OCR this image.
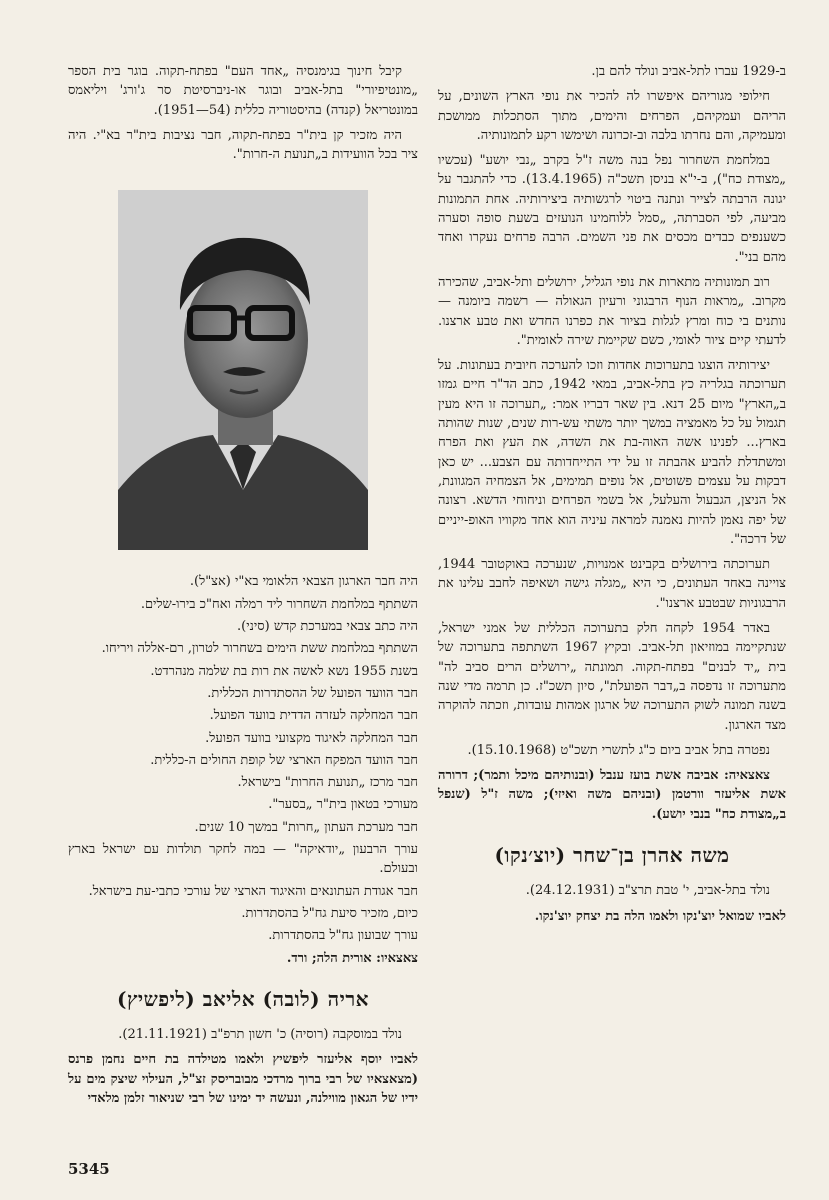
ב-1929 עברו לתל-אביב ונולד להם בן.

חילופי מגוריהם איפשרו לה להכיר את נופי הארץ השונים, על הריהם ועמקיהם, הפרחים והימים, מתוך הסתכלות ממושכת ומעמיקה, והם נחרתו בלבה וב-זכרונה ושימשו רקע לתמונותיה.

במלחמת השחרור נפל בנה משה ז"ל בקרב „נבי יושע" (עכשיו „מצודת כח"), ב-י"א בניסן תשכ"ה (13.4.1965). כדי להתגבר על יגונה הרבתה לצייר ונתנה ביטוי לרגשותיה ביצירותיה. אחת התמונות מביעה, לפי הסברתה, „סמל ללוחמינו הנועזים בשעת סופה וסערה כשענפים כבדים מכסים את פני השמים. הרבה פרחים נעקרו ואחד מהם בני".

רוב תמונותיה מתארות את נופי הגליל, ירושלים ותל-אביב, שהכירה מקרוב. „מראות הנוף הרבגוני ורעיון הגאולה — רשמה ביומנה — נותנים בי כוח ומרץ לגלות בציור את כפרנו החדש ואת טבע ארצנו. לדעתי קיים ציור לאומי, כשם שקיימת שירה לאומית".

יצירותיה הוצגו בתערוכות אחדות וזכו להערכה חיובית בעתונות. על תערוכתה בגלריה כץ בתל-אביב, במאי 1942, כתב הד"ר חיים גמזו ב„הארץ" מיום 25 דנא. בין שאר דבריו אמר: „תערוכה זו היא מעין תגמול על כל מאמציה במשך יותר משתי עש-רות שנים, שנות שהותה בארץ... לפנינו אשה האוה-בת את השדה, את העץ ואת הפרח ומשתדלת להביע אהבתה זו על ידי התייחדותה עם הצבע... יש כאן דבקות על עצמים פשוטים, אל נופים תמימים, אל הצמחיה המגוונת, אל הניצן, הגבעול והעלעל, אל בשמי הפרחים וניחוחי הדשא. רצונה של יפה נאמן להיות נאמנה למראה עיניה הוא אחד מקוויו האופ-ייניים של דרכה".

תערוכתה בירושלים בקבינט אמנויות, שנערכה באוקטובר 1944, צויינה באחד העתונים, כי היא „מגלה גישה ושאיפה לחבב עלינו את הרבגוניות שבטבע ארצנו".

באדר 1954 לקחה חלק בתערוכה הכללית של אמני ישראל, שנתקיימה במוזיאון תל-אביב. ובקיץ 1967 השתתפה בתערוכה של בית „יד לבנים" בפתח-תקוה. תמונתה „ירושלים הרים סביב לה" מתערוכה זו נדפסה ב„דבר הפועלת", סיון תשכ"ז. כן תרמה מדי שנה בשנה תמונה לשוק התערוכה של ארגון אמהות עובדות, וזכתה להוקרה מצד הארגון.

נפטרה בתל אביב ביום כ"ג לתשרי תשכ"ט (15.10.1968).

צאצאיה: אביבה אשת בועז ענבל (ובנותיהם מיכל ותמר); דרורה אשת אליעזר וורטמן (ובניהם משה ואיזי); משה ז"ל (שנפל ב„מצודת כח" בנבי יושע).

משה אהרן בן־שחר (יוצ׳נקו)

נולד בתל-אביב, י' טבת תרצ"ב (24.12.1931).

לאביו שמואל יוצ'נקו ולאמו הלה בת יצחק יוצ'נקו.

קיבל חינוך בגימנסיה „אחד העם" בפתח-תקוה. בוגר בית הספר „מונטיפיורי" בתל-אביב ובוגר או-ניברסיטת סר ג'ורג' ויליאמס במונטריאל (קנדה) בהיסטוריה כללית (54—1951).

היה מזכיר קן בית"ר בפתח-תקוה, חבר נציבות בית"ר בא"י. היה ציר בכל הוועידות ב„תנועת ה-חרות".

היה חבר הארגון הצבאי הלאומי בא"י (אצ"ל).

השתתף במלחמת השחרור ליד רמלה ואח"כ בירו-שלים.

היה כתב צבאי במערכת קדש (סיני).

השתתף במלחמת ששת הימים בשחרור לטרון, רם-אללה ויריחו.

בשנת 1955 נשא לאשה את רות בת שלמה מנהרדט.

חבר הוועד הפועל של ההסתדרות הכללית.

חבר המחלקה לעזרה הדדית בוועד הפועל.

חבר המחלקה לאיגוד מקצועי בוועד הפועל.

חבר הוועד המפקח הארצי של קופת החולים ה-כללית.

חבר מרכז „תנועת החרות" בישראל.

מעורכי בטאון בית"ר „בסער".

חבר מערכת העתון „חרות" במשך 10 שנים.

עורך הרבעון „יודאיקה" — במה לחקר תולדות עם ישראל בארץ ובעולם.

חבר אגודת העתונאים והאיגוד הארצי של עורכי כתבי-עת בישראל.

כיום, מזכיר סיעת גח"ל בהסתדרות.

עורך שבועון גח"ל בהסתדרות.

צאצאיו: אורית הלה; ורד.

אריה (לובה) אליאב (ליפשיץ)

נולד במוסקבה (רוסיה) כ' חשון תרפ"ב (21.11.1921).

לאביו יוסף אליעזר ליפשיץ ולאמו מטילדה בת חיים נחמן פרנס (מצאצאיו של רבי ברוך מרדכי מבובריסק זצ"ל, העילוי שיצק מים על ידיו של הגאון מווילנה, ונעשה יד ימינו של רבי שניאור זלמן מלאדי

5345
